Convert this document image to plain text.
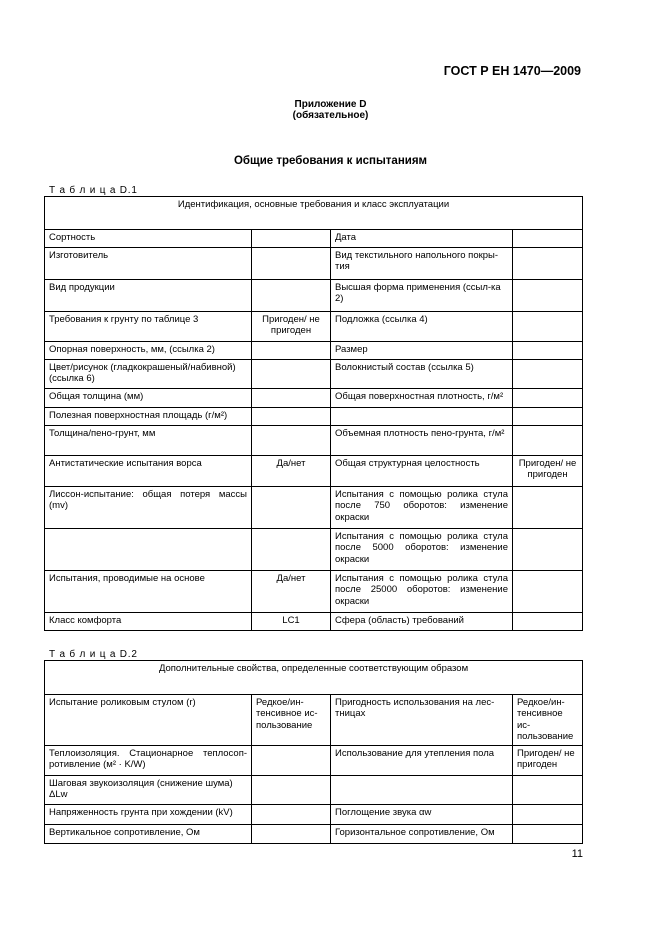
ГОСТ Р ЕН 1470—2009
Приложение D
(обязательное)
Общие требования к испытаниям
Т а б л и ц а D.1
Идентификация, основные требования и класс эксплуатации			
Сортность		Дата	
Изготовитель		Вид текстильного напольного покры-тия	
Вид продукции		Высшая форма применения (ссыл-ка 2)	
Требования к грунту по таблице 3	Пригоден/ не пригоден	Подложка (ссылка 4)	
Опорная поверхность, мм, (ссылка 2)		Размер	
Цвет/рисунок (гладкокрашеный/набивной) (ссылка 6)		Волокнистый состав (ссылка 5)	
Общая толщина (мм)		Общая поверхностная плотность, г/м²	
Полезная поверхностная площадь (г/м²)			
Толщина/пено-грунт, мм		Объемная плотность пено-грунта, г/м²	
Антистатические испытания ворса	Да/нет	Общая структурная целостность	Пригоден/ не пригоден
Лиссон-испытание: общая потеря массы (mv)		Испытания с помощью ролика стула после 750 оборотов: изменение окраски	
		Испытания с помощью ролика стула после 5000 оборотов: изменение окраски	
Испытания, проводимые на основе	Да/нет	Испытания с помощью ролика стула после 25000 оборотов: изменение окраски	
Класс комфорта	LC1	Сфера (область) требований	
Т а б л и ц а D.2
Дополнительные свойства, определенные соответствующим образом			
Испытание роликовым стулом (r)	Редкое/ин-тенсивное ис-пользование	Пригодность использования на лес-тницах	Редкое/ин-тенсивное ис-пользование
Теплоизоляция. Стационарное теплосоп-ротивление (м² · K/W)		Использование для утепления пола	Пригоден/ не пригоден
Шаговая звукоизоляция (снижение шума) ΔLw			
Напряженность грунта при хождении (kV)		Поглощение звука αw	
Вертикальное сопротивление, Ом		Горизонтальное сопротивление, Ом	
11
